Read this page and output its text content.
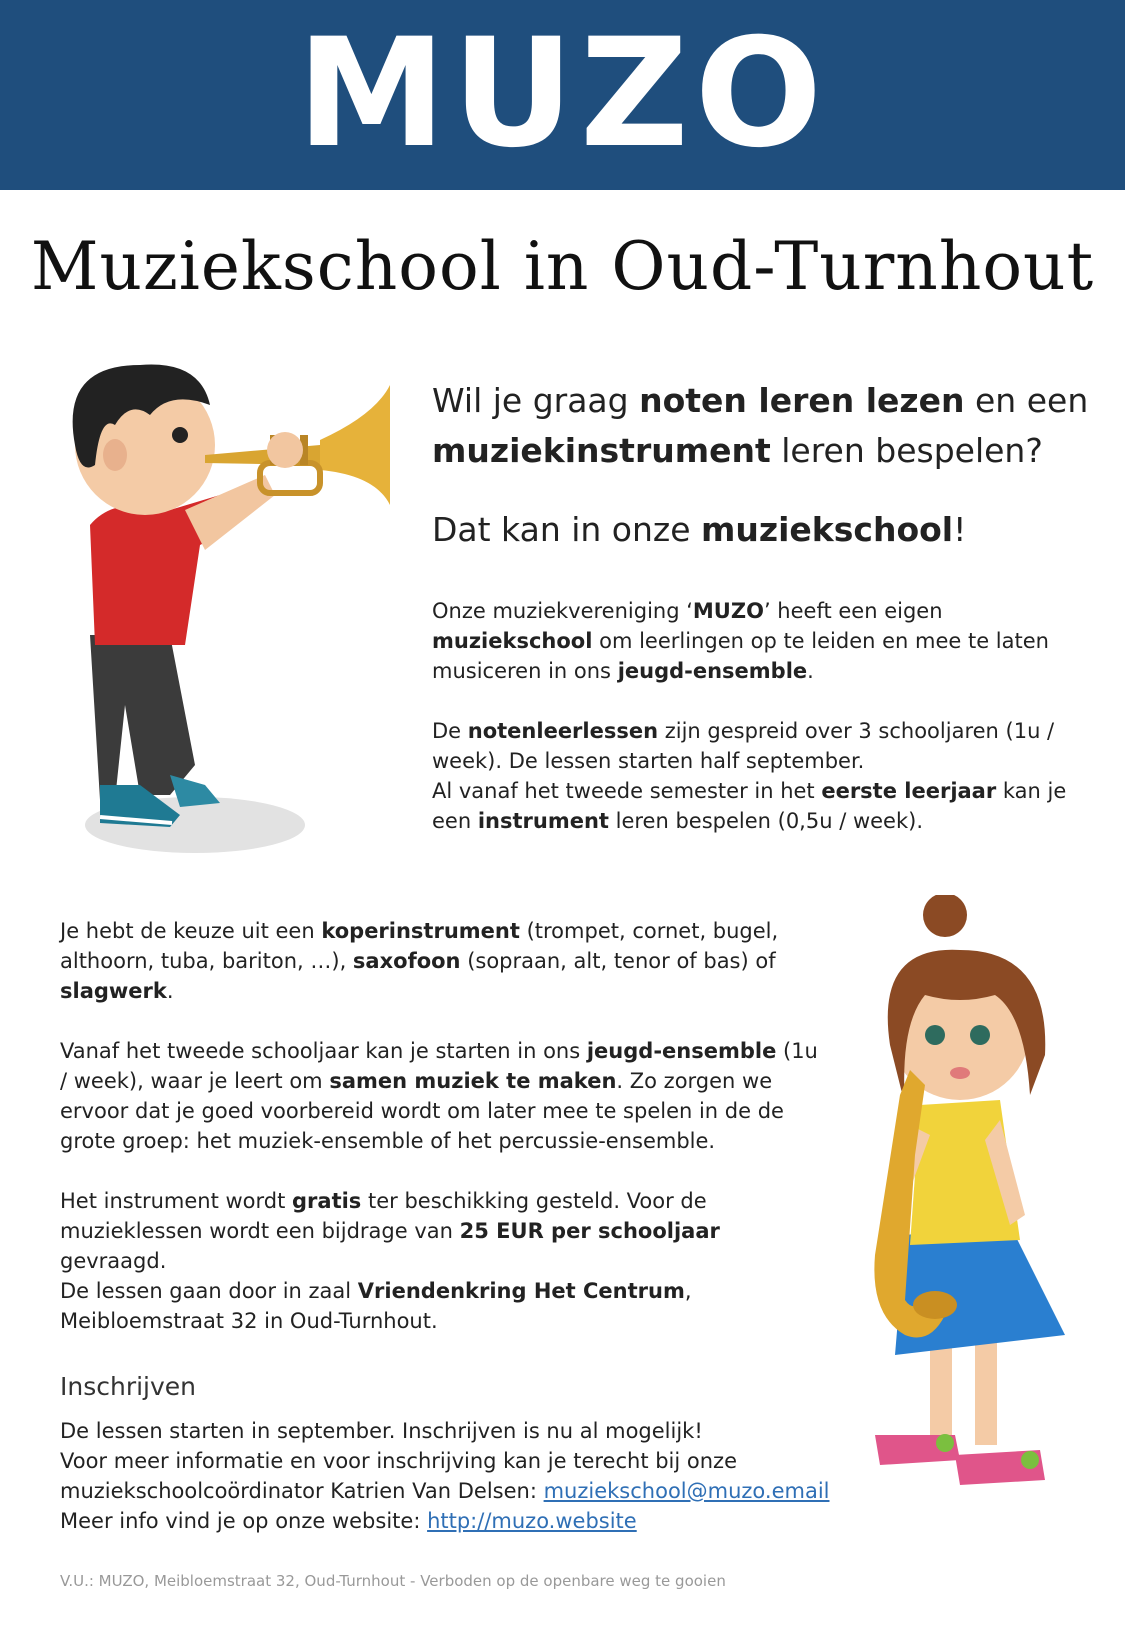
MUZO
Muziekschool in Oud-Turnhout
Wil je graag noten leren lezen en een
muziekinstrument leren bespelen?
Dat kan in onze muziekschool!
Onze muziekvereniging ‘MUZO’ heeft een eigen muziekschool om leerlingen op te leiden en mee te laten musiceren in ons jeugd-ensemble.
De notenleerlessen zijn gespreid over 3 schooljaren (1u / week). De lessen starten half september.
Al vanaf het tweede semester in het eerste leerjaar kan je een instrument leren bespelen (0,5u / week).
Je hebt de keuze uit een koperinstrument (trompet, cornet, bugel, althoorn, tuba, bariton, …), saxofoon (sopraan, alt, tenor of bas) of slagwerk.
Vanaf het tweede schooljaar kan je starten in ons jeugd-ensemble (1u / week), waar je leert om samen muziek te maken. Zo zorgen we ervoor dat je goed voorbereid wordt om later mee te spelen in de de grote groep: het muziek-ensemble of het percussie-ensemble.
Het instrument wordt gratis ter beschikking gesteld. Voor de muzieklessen wordt een bijdrage van 25 EUR per schooljaar gevraagd.
De lessen gaan door in zaal Vriendenkring Het Centrum,
Meibloemstraat 32 in Oud-Turnhout.
Inschrijven
De lessen starten in september. Inschrijven is nu al mogelijk!
Voor meer informatie en voor inschrijving kan je terecht bij onze
muziekschoolcoördinator Katrien Van Delsen: muziekschool@muzo.email
Meer info vind je op onze website: http://muzo.website
V.U.: MUZO, Meibloemstraat 32, Oud-Turnhout - Verboden op de openbare weg te gooien
